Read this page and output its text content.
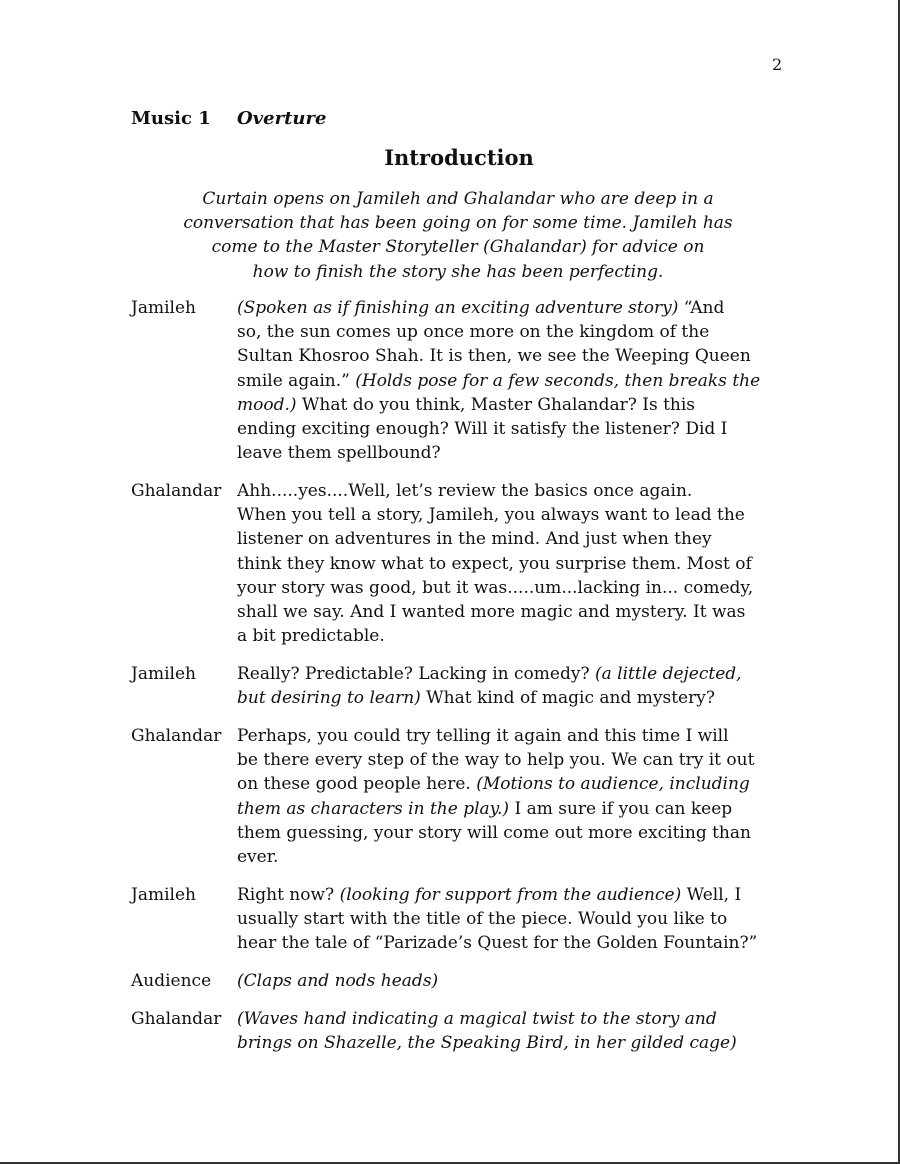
2
Music 1 Overture
Introduction
Curtain opens on Jamileh and Ghalandar who are deep in a
conversation that has been going on for some time. Jamileh has
come to the Master Storyteller (Ghalandar) for advice on
how to finish the story she has been perfecting.
Jamileh (Spoken as if finishing an exciting adventure story) “And
so, the sun comes up once more on the kingdom of the
Sultan Khosroo Shah. It is then, we see the Weeping Queen
smile again.” (Holds pose for a few seconds, then breaks the
mood.) What do you think, Master Ghalandar? Is this
ending exciting enough? Will it satisfy the listener? Did I
leave them spellbound?
Ghalandar Ahh.....yes....Well, let’s review the basics once again.
When you tell a story, Jamileh, you always want to lead the
listener on adventures in the mind. And just when they
think they know what to expect, you surprise them. Most of
your story was good, but it was.....um...lacking in... comedy,
shall we say. And I wanted more magic and mystery. It was
a bit predictable.
Jamileh Really? Predictable? Lacking in comedy? (a little dejected,
but desiring to learn) What kind of magic and mystery?
Ghalandar Perhaps, you could try telling it again and this time I will
be there every step of the way to help you. We can try it out
on these good people here. (Motions to audience, including
them as characters in the play.) I am sure if you can keep
them guessing, your story will come out more exciting than
ever.
Jamileh Right now? (looking for support from the audience) Well, I
usually start with the title of the piece. Would you like to
hear the tale of “Parizade’s Quest for the Golden Fountain?”
Audience (Claps and nods heads)
Ghalandar (Waves hand indicating a magical twist to the story and
brings on Shazelle, the Speaking Bird, in her gilded cage)
